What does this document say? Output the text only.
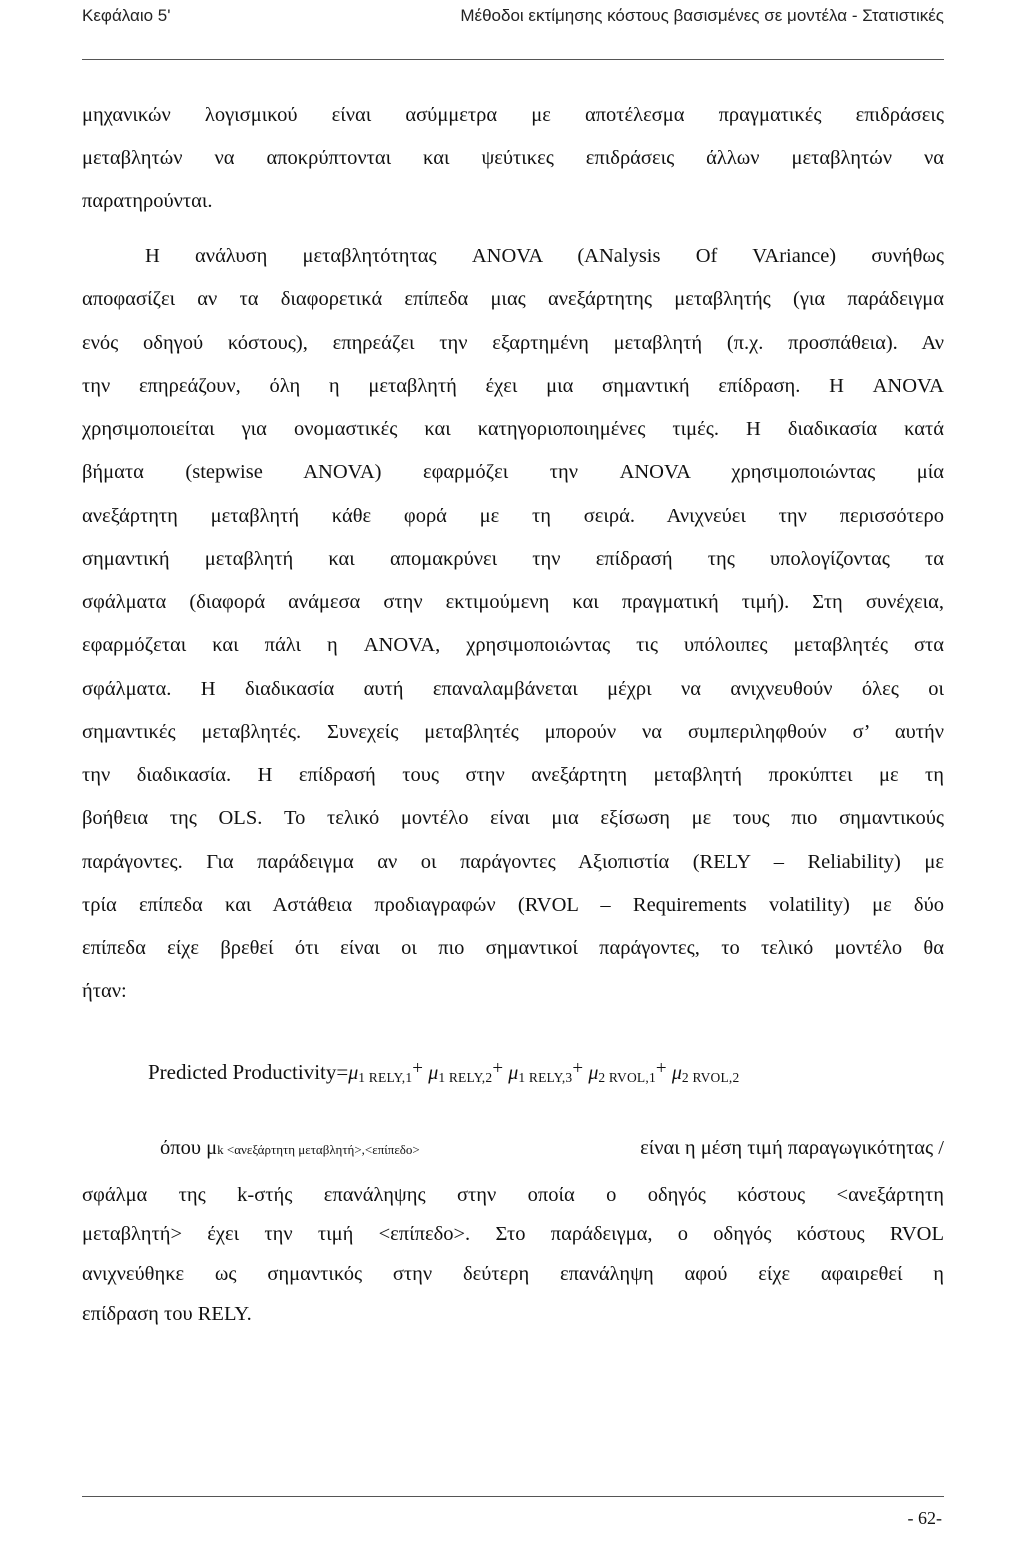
Κεφάλαιο 5'	Μέθοδοι εκτίμησης κόστους βασισμένες σε μοντέλα - Στατιστικές
μηχανικών λογισμικού είναι ασύμμετρα με αποτέλεσμα πραγματικές επιδράσεις
μεταβλητών να αποκρύπτονται και ψεύτικες επιδράσεις άλλων μεταβλητών να
παρατηρούνται.
Η ανάλυση μεταβλητότητας ANOVA (ANalysis Of VAriance) συνήθως
αποφασίζει αν τα διαφορετικά επίπεδα μιας ανεξάρτητης μεταβλητής (για παράδειγμα
ενός οδηγού κόστους), επηρεάζει την εξαρτημένη μεταβλητή (π.χ. προσπάθεια). Αν
την επηρεάζουν, όλη η μεταβλητή έχει μια σημαντική επίδραση. Η ANOVA
χρησιμοποιείται για ονομαστικές και κατηγοριοποιημένες τιμές. Η διαδικασία κατά
βήματα (stepwise ANOVA) εφαρμόζει την ANOVA χρησιμοποιώντας μία
ανεξάρτητη μεταβλητή κάθε φορά με τη σειρά. Ανιχνεύει την περισσότερο
σημαντική μεταβλητή και απομακρύνει την επίδρασή της υπολογίζοντας τα
σφάλματα (διαφορά ανάμεσα στην εκτιμούμενη και πραγματική τιμή). Στη συνέχεια,
εφαρμόζεται και πάλι η ANOVA, χρησιμοποιώντας τις υπόλοιπες μεταβλητές στα
σφάλματα. Η διαδικασία αυτή επαναλαμβάνεται μέχρι να ανιχνευθούν όλες οι
σημαντικές μεταβλητές. Συνεχείς μεταβλητές μπορούν να συμπεριληφθούν σ’ αυτήν
την διαδικασία. Η επίδρασή τους στην ανεξάρτητη μεταβλητή προκύπτει με τη
βοήθεια της OLS. Το τελικό μοντέλο είναι μια εξίσωση με τους πιο σημαντικούς
παράγοντες. Για παράδειγμα αν οι παράγοντες Αξιοπιστία (RELY – Reliability) με
τρία επίπεδα και Αστάθεια προδιαγραφών (RVOL – Requirements volatility) με δύο
επίπεδα είχε βρεθεί ότι είναι οι πιο σημαντικοί παράγοντες, το τελικό μοντέλο θα
ήταν:
Predicted $Productivity=\mu_{1 RELY,1}+ \mu_{1 RELY,2}+ \mu_{1 RELY,3}+ \mu_{2 RVOL,1}+ \mu_{2 RVOL,2}$
όπου μk <ανεξάρτητη μεταβλητή>,<επίπεδο>	είναι η μέση τιμή παραγωγικότητας /
σφάλμα της k-στής επανάληψης στην οποία ο οδηγός κόστους <ανεξάρτητη
μεταβλητή> έχει την τιμή <επίπεδο>. Στο παράδειγμα, ο οδηγός κόστους RVOL
ανιχνεύθηκε ως σημαντικός στην δεύτερη επανάληψη αφού είχε αφαιρεθεί η
επίδραση του RELY.
- 62-
